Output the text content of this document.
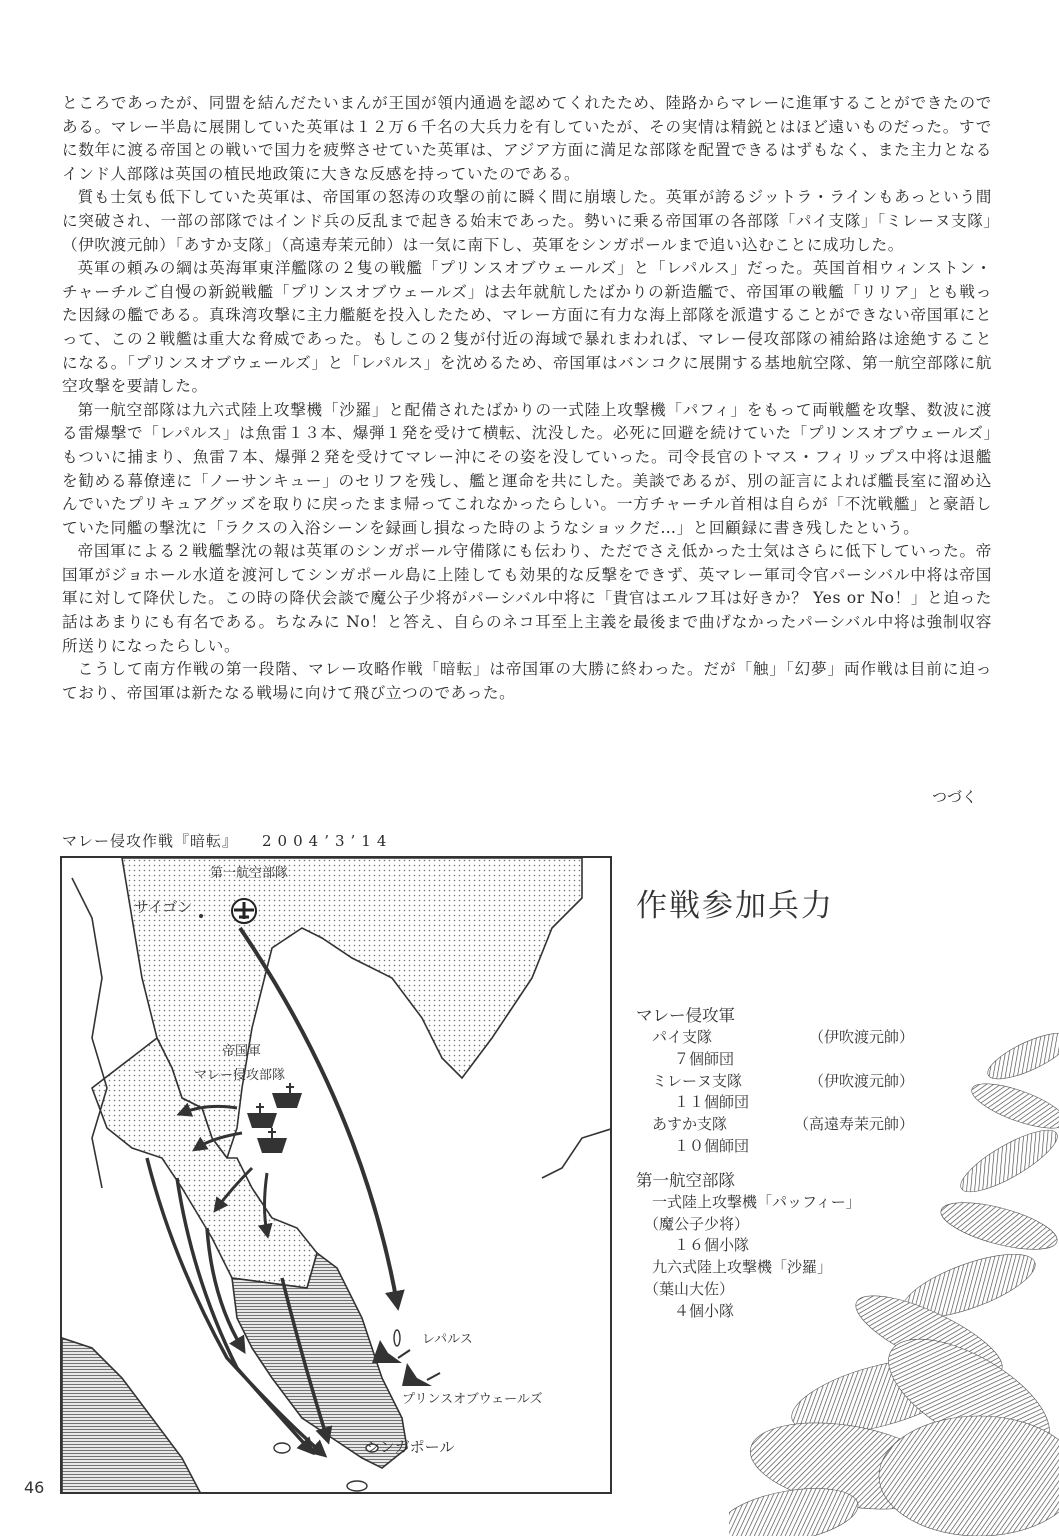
ところであったが、同盟を結んだたいまんが王国が領内通過を認めてくれたため、陸路からマレーに進軍することができたのである。マレー半島に展開していた英軍は１２万６千名の大兵力を有していたが、その実情は精鋭とはほど遠いものだった。すでに数年に渡る帝国との戦いで国力を疲弊させていた英軍は、アジア方面に満足な部隊を配置できるはずもなく、また主力となるインド人部隊は英国の植民地政策に大きな反感を持っていたのである。

質も士気も低下していた英軍は、帝国軍の怒涛の攻撃の前に瞬く間に崩壊した。英軍が誇るジットラ・ラインもあっという間に突破され、一部の部隊ではインド兵の反乱まで起きる始末であった。勢いに乗る帝国軍の各部隊「パイ支隊」「ミレーヌ支隊」（伊吹渡元帥）「あすか支隊」（高遠寿茉元帥）は一気に南下し、英軍をシンガポールまで追い込むことに成功した。

英軍の頼みの綱は英海軍東洋艦隊の２隻の戦艦「プリンスオブウェールズ」と「レパルス」だった。英国首相ウィンストン・チャーチルご自慢の新鋭戦艦「プリンスオブウェールズ」は去年就航したばかりの新造艦で、帝国軍の戦艦「リリア」とも戦った因縁の艦である。真珠湾攻撃に主力艦艇を投入したため、マレー方面に有力な海上部隊を派遣することができない帝国軍にとって、この２戦艦は重大な脅威であった。もしこの２隻が付近の海域で暴れまわれば、マレー侵攻部隊の補給路は途絶することになる。「プリンスオブウェールズ」と「レパルス」を沈めるため、帝国軍はバンコクに展開する基地航空隊、第一航空部隊に航空攻撃を要請した。

第一航空部隊は九六式陸上攻撃機「沙羅」と配備されたばかりの一式陸上攻撃機「パフィ」をもって両戦艦を攻撃、数波に渡る雷爆撃で「レパルス」は魚雷１３本、爆弾１発を受けて横転、沈没した。必死に回避を続けていた「プリンスオブウェールズ」もついに捕まり、魚雷７本、爆弾２発を受けてマレー沖にその姿を没していった。司令長官のトマス・フィリップス中将は退艦を勧める幕僚達に「ノーサンキュー」のセリフを残し、艦と運命を共にした。美談であるが、別の証言によれば艦長室に溜め込んでいたプリキュアグッズを取りに戻ったまま帰ってこれなかったらしい。一方チャーチル首相は自らが「不沈戦艦」と豪語していた同艦の撃沈に「ラクスの入浴シーンを録画し損なった時のようなショックだ…」と回顧録に書き残したという。

帝国軍による２戦艦撃沈の報は英軍のシンガポール守備隊にも伝わり、ただでさえ低かった士気はさらに低下していった。帝国軍がジョホール水道を渡河してシンガポール島に上陸しても効果的な反撃をできず、英マレー軍司令官パーシバル中将は帝国軍に対して降伏した。この時の降伏会談で魔公子少将がパーシバル中将に「貴官はエルフ耳は好きか？ Yes or No！」と迫った話はあまりにも有名である。ちなみに No！と答え、自らのネコ耳至上主義を最後まで曲げなかったパーシバル中将は強制収容所送りになったらしい。

こうして南方作戦の第一段階、マレー攻略作戦「暗転」は帝国軍の大勝に終わった。だが「触」「幻夢」両作戦は目前に迫っており、帝国軍は新たなる戦場に向けて飛び立つのであった。

つづく
マレー侵攻作戦『暗転』 2004’3’14
第一航空部隊
サイゴン
帝国軍
マレー侵攻部隊
レパルス
プリンスオブウェールズ
シンガポール
46
作戦参加兵力
マレー侵攻軍
パイ支隊	（伊吹渡元帥）
７個師団
ミレーヌ支隊	（伊吹渡元帥）
１１個師団
あすか支隊	（高遠寿茉元帥）
１０個師団
第一航空部隊
一式陸上攻撃機「パッフィー」
（魔公子少将）
１６個小隊
九六式陸上攻撃機「沙羅」
（葉山大佐）
４個小隊
